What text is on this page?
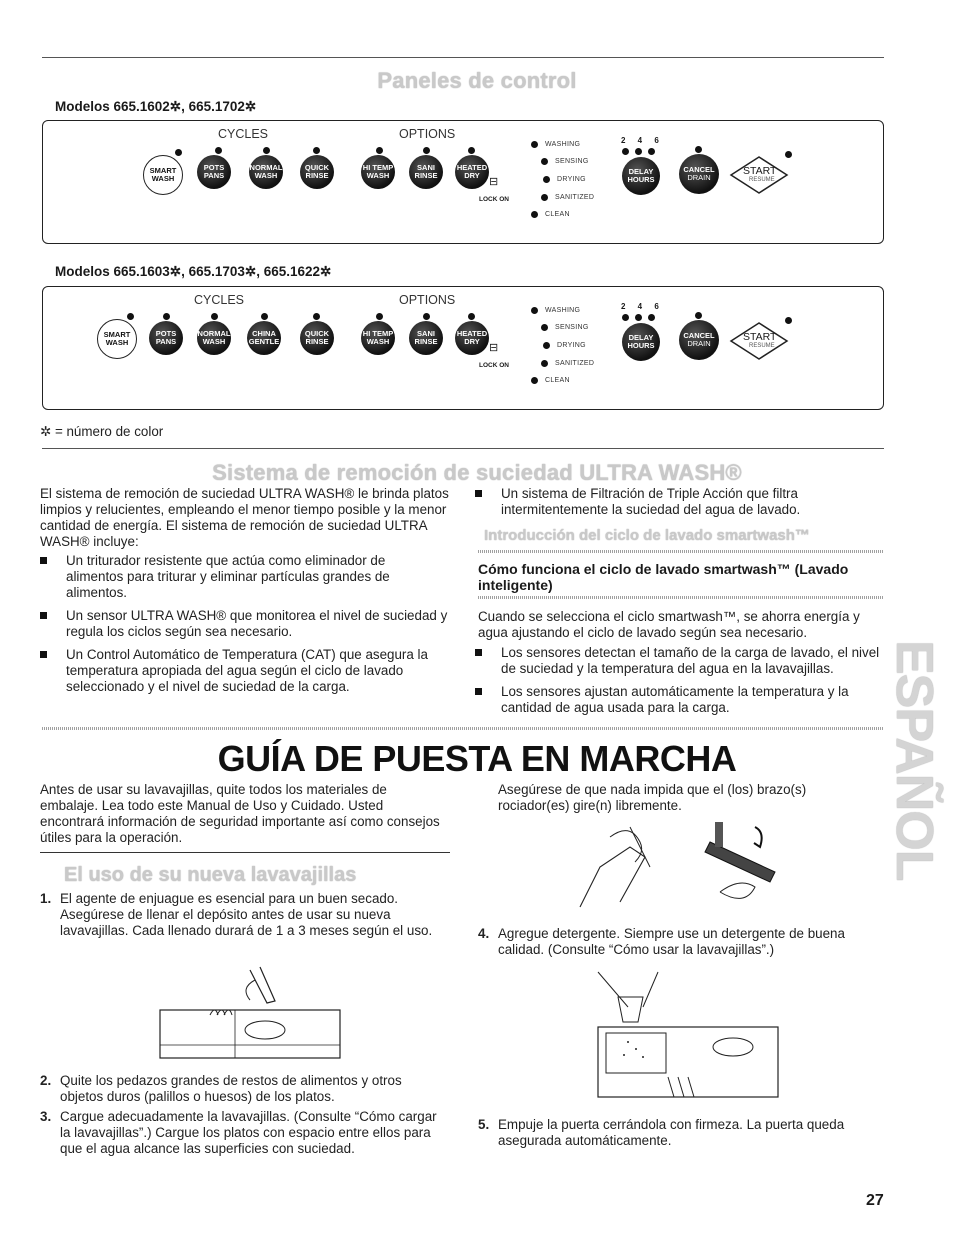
Paneles de control
Modelos 665.1602✲, 665.1702✲
CYCLES	OPTIONS
SMART WASH
POTS PANS
NORMAL WASH
QUICK RINSE
HI TEMP WASH
SANI RINSE
HEATED DRY
⊟
LOCK ON
WASHING
SENSING
DRYING
SANITIZED
CLEAN
2 4 6
DELAY HOURS
CANCEL
DRAIN
START
RESUME
Modelos 665.1603✲, 665.1703✲, 665.1622✲
CYCLES	OPTIONS
SMART WASH
POTS PANS
NORMAL WASH
CHINA GENTLE
QUICK RINSE
HI TEMP WASH
SANI RINSE
HEATED DRY
⊟
LOCK ON
WASHING
SENSING
DRYING
SANITIZED
CLEAN
2 4 6
DELAY HOURS
CANCEL
DRAIN
START
RESUME
✲ = número de color
Sistema de remoción de suciedad ULTRA WASH®
El sistema de remoción de suciedad ULTRA WASH® le brinda platos limpios y relucientes, empleando el menor tiempo posible y la menor cantidad de energía. El sistema de remoción de suciedad ULTRA WASH® incluye:
Un triturador resistente que actúa como eliminador de alimentos para triturar y eliminar partículas grandes de alimentos.
Un sensor ULTRA WASH® que monitorea el nivel de suciedad y regula los ciclos según sea necesario.
Un Control Automático de Temperatura (CAT) que asegura la temperatura apropiada del agua según el ciclo de lavado seleccionado y el nivel de suciedad de la carga.
Un sistema de Filtración de Triple Acción que filtra intermitentemente la suciedad del agua de lavado.
Introducción del ciclo de lavado smartwash™
Cómo funciona el ciclo de lavado smartwash™ (Lavado inteligente)
Cuando se selecciona el ciclo smartwash™, se ahorra energía y agua ajustando el ciclo de lavado según sea necesario.
Los sensores detectan el tamaño de la carga de lavado, el nivel de suciedad y la temperatura del agua en la lavavajillas.
Los sensores ajustan automáticamente la temperatura y la cantidad de agua usada para la carga.
GUÍA DE PUESTA EN MARCHA	ESPAÑOL
Antes de usar su lavavajillas, quite todos los materiales de embalaje. Lea todo este Manual de Uso y Cuidado. Usted encontrará información de seguridad importante así como consejos útiles para la operación.
El uso de su nueva lavavajillas
1. El agente de enjuague es esencial para un buen secado. Asegúrese de llenar el depósito antes de usar su nueva lavavajillas. Cada llenado durará de 1 a 3 meses según el uso.
2. Quite los pedazos grandes de restos de alimentos y otros objetos duros (palillos o huesos) de los platos.
3. Cargue adecuadamente la lavavajillas. (Consulte “Cómo cargar la lavavajillas”.) Cargue los platos con espacio entre ellos para que el agua alcance las superficies con suciedad.
Asegúrese de que nada impida que el (los) brazo(s) rociador(es) gire(n) libremente.
4. Agregue detergente. Siempre use un detergente de buena calidad. (Consulte “Cómo usar la lavavajillas”.)
5. Empuje la puerta cerrándola con firmeza. La puerta queda asegurada automáticamente.
27
